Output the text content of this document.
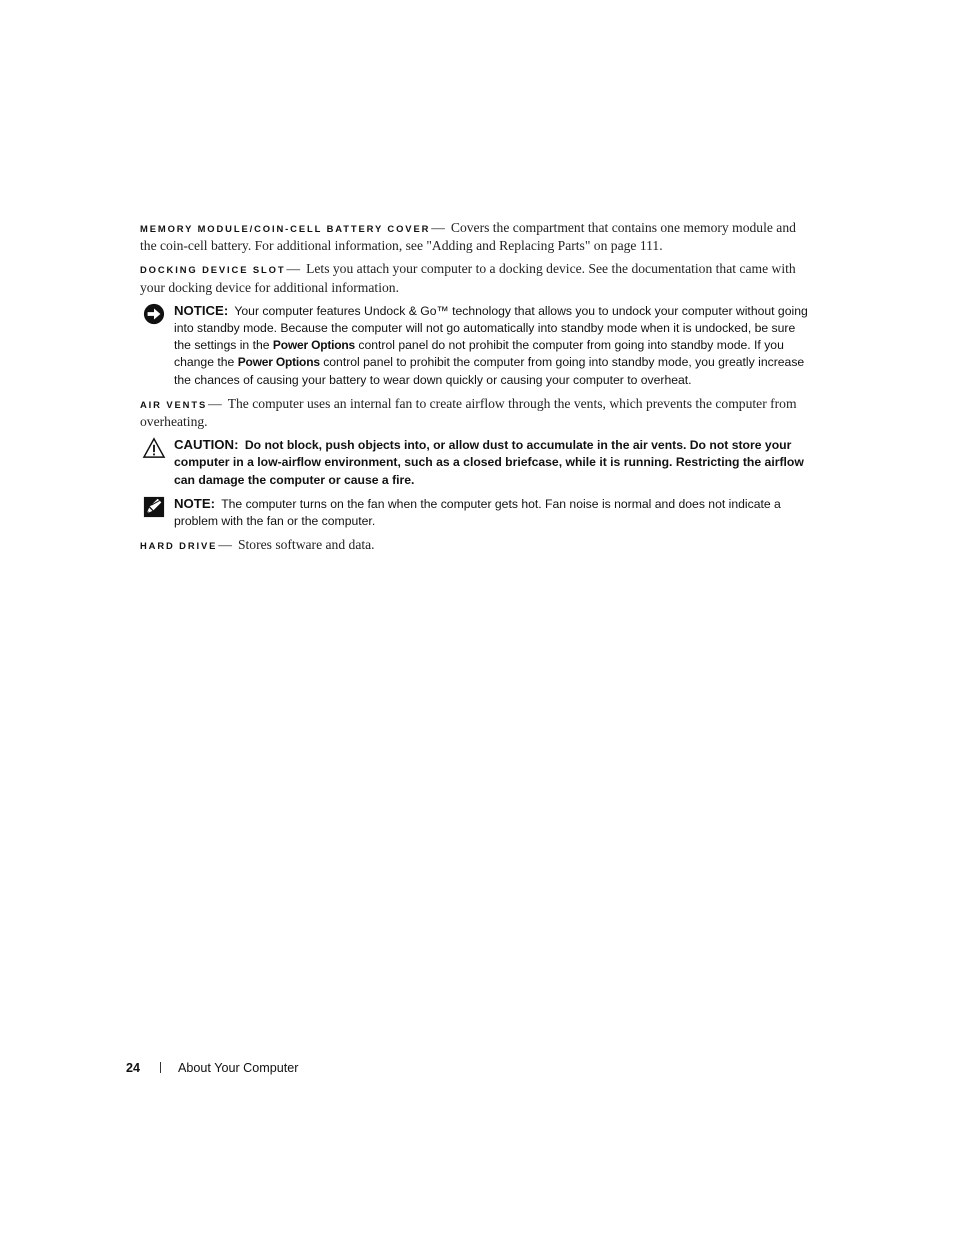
MEMORY MODULE/COIN-CELL BATTERY COVER— Covers the compartment that contains one memory module and the coin-cell battery. For additional information, see "Adding and Replacing Parts" on page 111.

DOCKING DEVICE SLOT— Lets you attach your computer to a docking device. See the documentation that came with your docking device for additional information.

NOTICE: Your computer features Undock & Go™ technology that allows you to undock your computer without going into standby mode. Because the computer will not go automatically into standby mode when it is undocked, be sure the settings in the Power Options control panel do not prohibit the computer from going into standby mode. If you change the Power Options control panel to prohibit the computer from going into standby mode, you greatly increase the chances of causing your battery to wear down quickly or causing your computer to overheat.

AIR VENTS— The computer uses an internal fan to create airflow through the vents, which prevents the computer from overheating.

CAUTION: Do not block, push objects into, or allow dust to accumulate in the air vents. Do not store your computer in a low-airflow environment, such as a closed briefcase, while it is running. Restricting the airflow can damage the computer or cause a fire.
NOTE: The computer turns on the fan when the computer gets hot. Fan noise is normal and does not indicate a problem with the fan or the computer.

HARD DRIVE— Stores software and data.

24	About Your Computer
